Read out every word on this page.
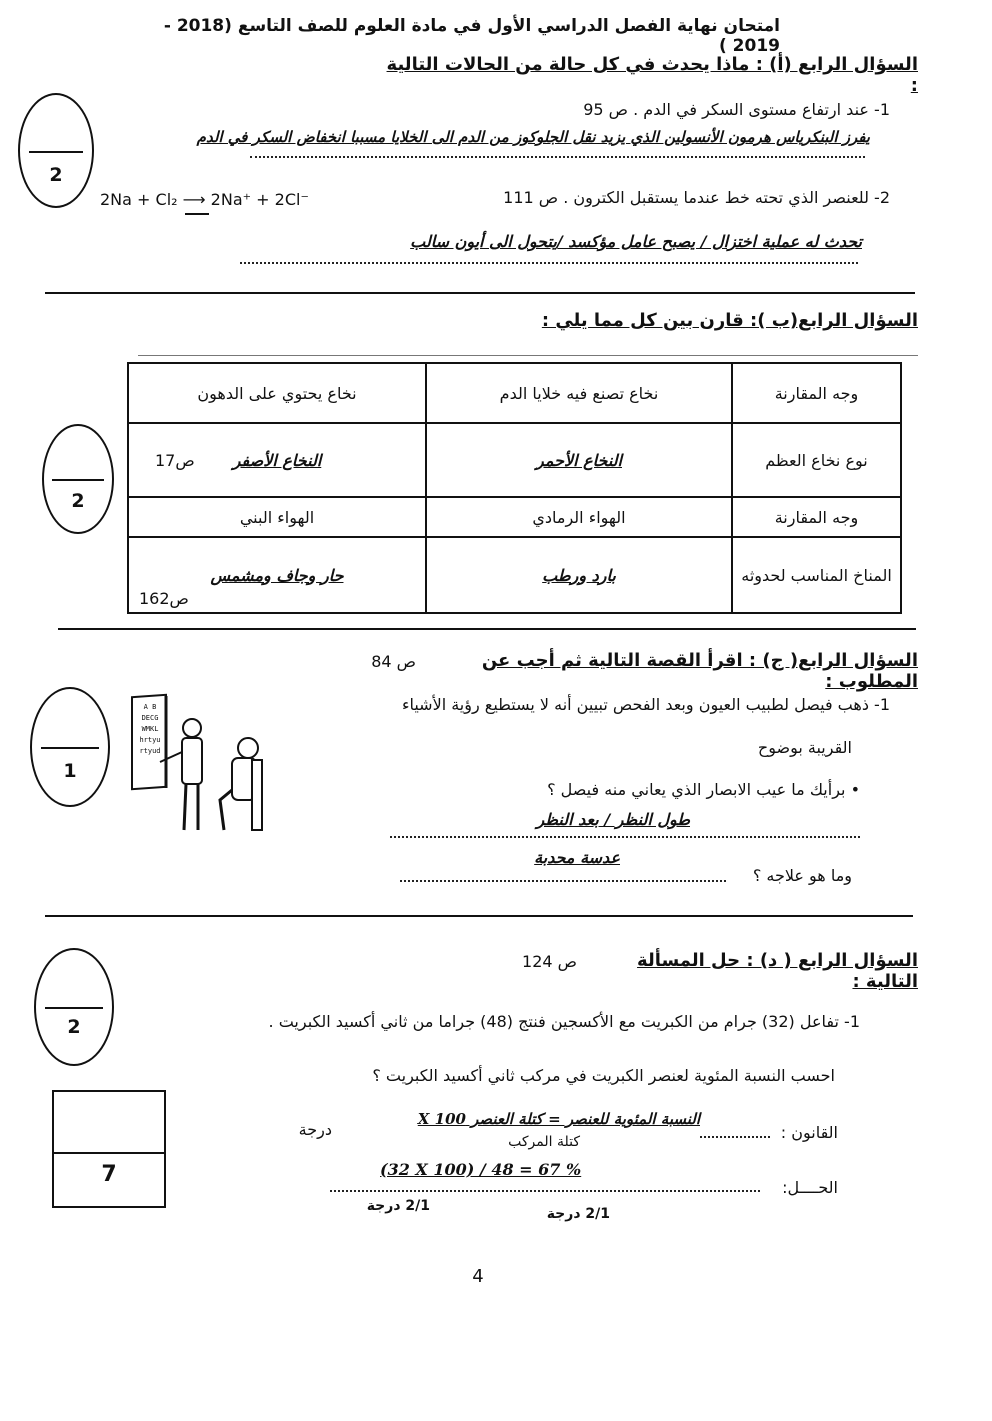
امتحان نهاية الفصل الدراسي الأول في مادة العلوم للصف التاسع (2018 - 2019 )
السؤال الرابع (أ) : ماذا يحدث في كل حالة من الحالات التالية :
2
1- عند ارتفاع مستوى السكر في الدم . ص 95
يفرز البنكرياس هرمون الأنسولين الذي يزيد نقل الجلوكوز من الدم الى الخلايا مسببا انخفاض السكر في الدم
2- للعنصر الذي تحته خط عندما يستقبل الكترون . ص 111
2Na + Cl₂ ⟶ 2Na⁺ + 2Cl⁻
تحدث له عملية اختزال / يصبح عامل مؤكسد /يتحول الى أيون سالب
السؤال الرابع(ب ): قارن بين كل مما يلي :
2
وجه المقارنة	نخاع تصنع فيه خلايا الدم	نخاع يحتوي على الدهون
نوع نخاع العظم	النخاع الأحمر	النخاع الأصفر
ص17

وجه المقارنة	الهواء الرمادي	الهواء البني
المناخ المناسب لحدوثه	بارد ورطب	حار وجاف ومشمس
ص162
السؤال الرابع( ج) : اقرأ القصة التالية ثم أجب عن المطلوب :
ص 84
1
A B
DECG
WMKL
hrtyu
rtyud
1- ذهب فيصل لطبيب العيون وبعد الفحص تبيين أنه لا يستطيع رؤية الأشياء
القريبة بوضوح
• برأيك ما عيب الابصار الذي يعاني منه فيصل ؟
طول النظر / بعد النظر
عدسة محدبة
وما هو علاجه ؟
السؤال الرابع ( د) : حل المسألة التالية :
ص 124
2	1- تفاعل (32) جرام من الكبريت مع الأكسجين فنتج (48) جراما من ثاني أكسيد الكبريت .
احسب النسبة المئوية لعنصر الكبريت في مركب ثاني أكسيد الكبريت ؟
القانون :
النسبة المئوية للعنصر = كتلة العنصر X 100
كتلة المركب
درجة
الحــــل:
(32 X 100) / 48 = 67 %
2/1 درجة
2/1 درجة
7
4
